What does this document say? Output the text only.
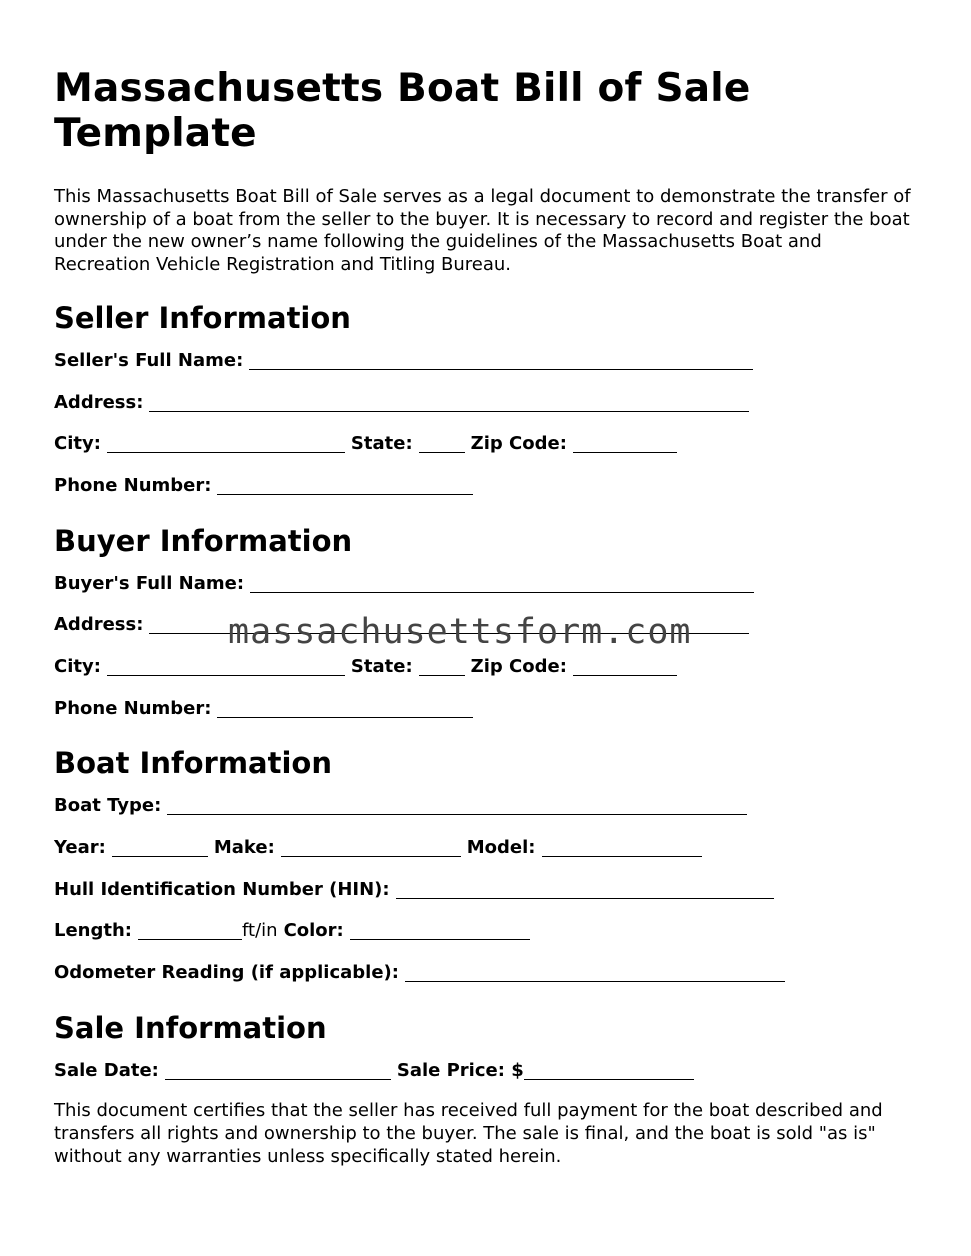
Massachusetts Boat Bill of Sale Template

This Massachusetts Boat Bill of Sale serves as a legal document to demonstrate the transfer of ownership of a boat from the seller to the buyer. It is necessary to record and register the boat under the new owner’s name following the guidelines of the Massachusetts Boat and Recreation Vehicle Registration and Titling Bureau.

Seller Information
Seller's Full Name:
Address:
City:	State:	Zip Code:
Phone Number:
Buyer Information
Buyer's Full Name:
Address:
City:	State:	Zip Code:
Phone Number:
Boat Information
Boat Type:
Year:	Make:	Model:
Hull Identification Number (HIN):
Length:	ft/in Color:
Odometer Reading (if applicable):
Sale Information
Sale Date:	Sale Price: $

This document certifies that the seller has received full payment for the boat described and transfers all rights and ownership to the buyer. The sale is final, and the boat is sold "as is" without any warranties unless specifically stated herein.

massachusettsform.com
